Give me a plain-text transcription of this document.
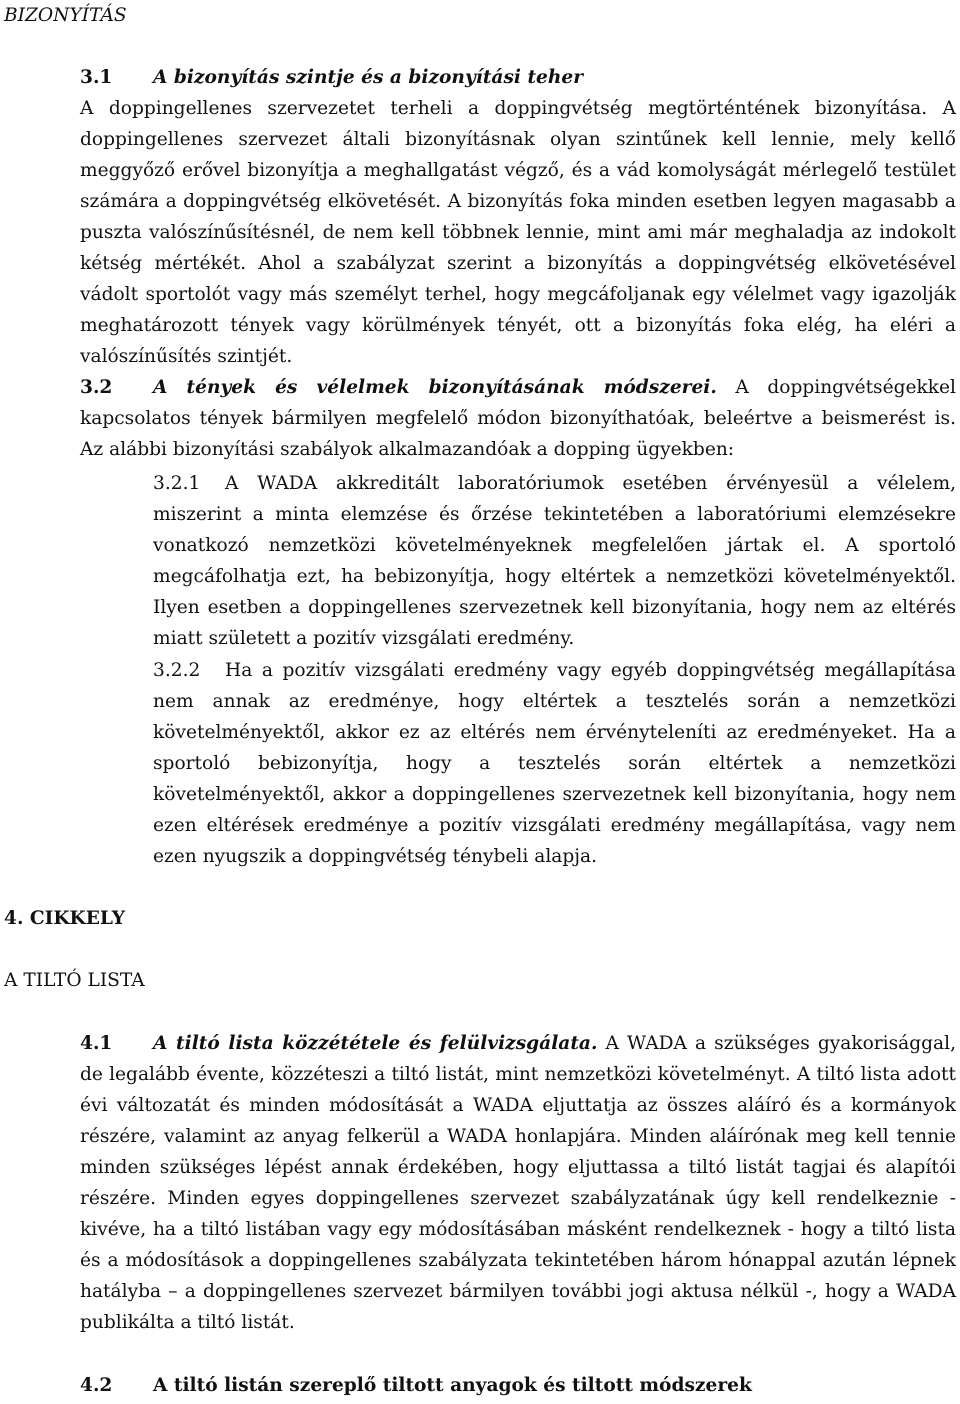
BIZONYÍTÁS
3.1 A bizonyítás szintje és a bizonyítási teher
A doppingellenes szervezetet terheli a doppingvétség megtörténtének bizonyítása. A doppingellenes szervezet általi bizonyításnak olyan szintűnek kell lennie, mely kellő meggyőző erővel bizonyítja a meghallgatást végző, és a vád komolyságát mérlegelő testület számára a doppingvétség elkövetését. A bizonyítás foka minden esetben legyen magasabb a puszta valószínűsítésnél, de nem kell többnek lennie, mint ami már meghaladja az indokolt kétség mértékét. Ahol a szabályzat szerint a bizonyítás a doppingvétség elkövetésével vádolt sportolót vagy más személyt terhel, hogy megcáfoljanak egy vélelmet vagy igazolják meghatározott tények vagy körülmények tényét, ott a bizonyítás foka elég, ha eléri a valószínűsítés szintjét.
3.2 A tények és vélelmek bizonyításának módszerei. A doppingvétségekkel kapcsolatos tények bármilyen megfelelő módon bizonyíthatóak, beleértve a beismerést is. Az alábbi bizonyítási szabályok alkalmazandóak a dopping ügyekben:
3.2.1 A WADA akkreditált laboratóriumok esetében érvényesül a vélelem, miszerint a minta elemzése és őrzése tekintetében a laboratóriumi elemzésekre vonatkozó nemzetközi követelményeknek megfelelően jártak el. A sportoló megcáfolhatja ezt, ha bebizonyítja, hogy eltértek a nemzetközi követelményektől. Ilyen esetben a doppingellenes szervezetnek kell bizonyítania, hogy nem az eltérés miatt született a pozitív vizsgálati eredmény.
3.2.2 Ha a pozitív vizsgálati eredmény vagy egyéb doppingvétség megállapítása nem annak az eredménye, hogy eltértek a tesztelés során a nemzetközi követelményektől, akkor ez az eltérés nem érvényteleníti az eredményeket. Ha a sportoló bebizonyítja, hogy a tesztelés során eltértek a nemzetközi követelményektől, akkor a doppingellenes szervezetnek kell bizonyítania, hogy nem ezen eltérések eredménye a pozitív vizsgálati eredmény megállapítása, vagy nem ezen nyugszik a doppingvétség ténybeli alapja.
4. CIKKELY
A TILTÓ LISTA
4.1 A tiltó lista közzététele és felülvizsgálata. A WADA a szükséges gyakorisággal, de legalább évente, közzéteszi a tiltó listát, mint nemzetközi követelményt. A tiltó lista adott évi változatát és minden módosítását a WADA eljuttatja az összes aláíró és a kormányok részére, valamint az anyag felkerül a WADA honlapjára. Minden aláírónak meg kell tennie minden szükséges lépést annak érdekében, hogy eljuttassa a tiltó listát tagjai és alapítói részére. Minden egyes doppingellenes szervezet szabályzatának úgy kell rendelkeznie - kivéve, ha a tiltó listában vagy egy módosításában másként rendelkeznek - hogy a tiltó lista és a módosítások a doppingellenes szabályzata tekintetében három hónappal azután lépnek hatályba – a doppingellenes szervezet bármilyen további jogi aktusa nélkül -, hogy a WADA publikálta a tiltó listát.
4.2 A tiltó listán szereplő tiltott anyagok és tiltott módszerek
